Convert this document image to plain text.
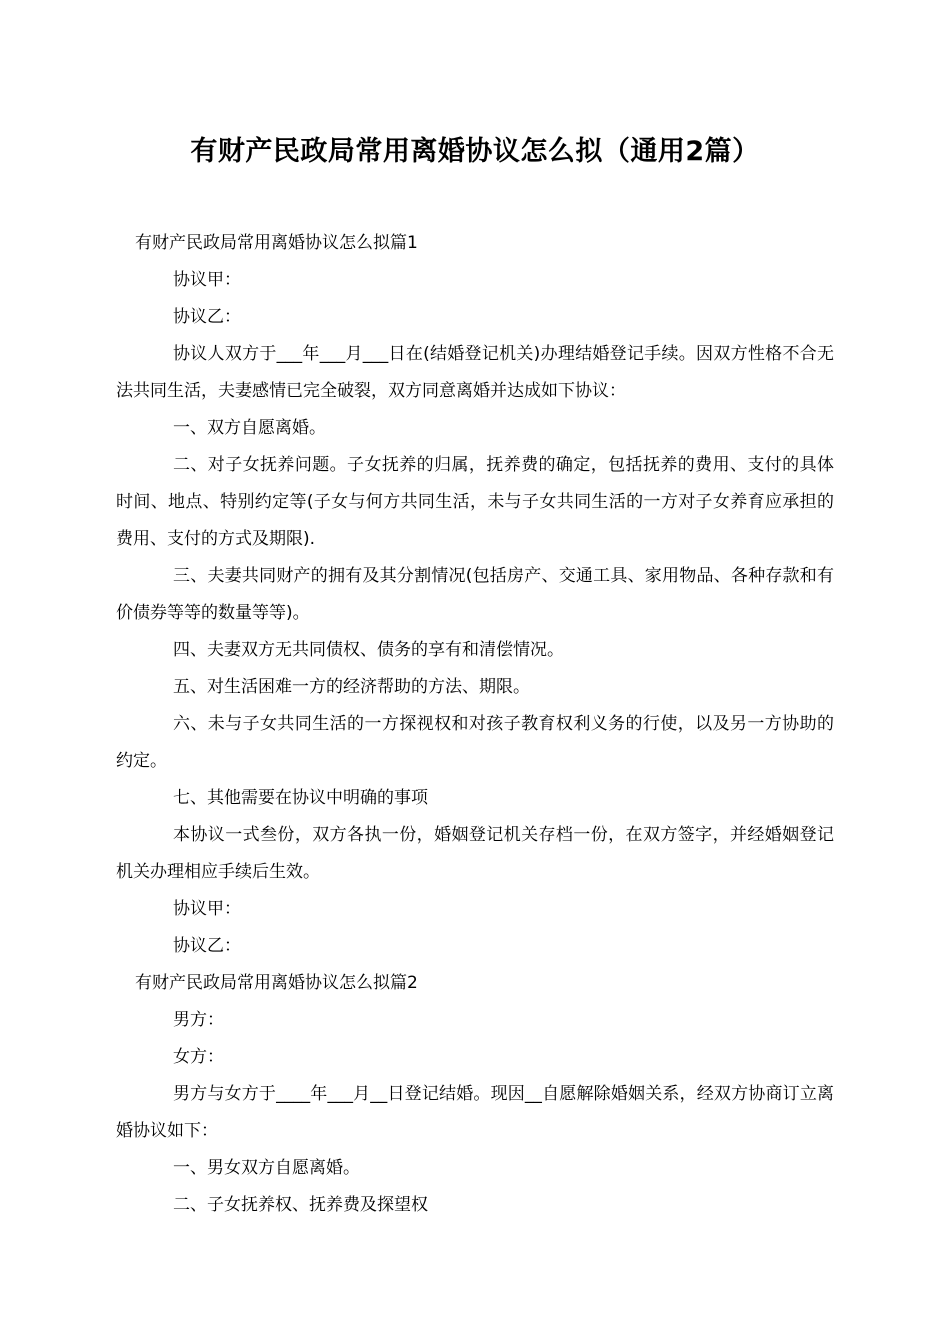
有财产民政局常用离婚协议怎么拟（通用2篇）

有财产民政局常用离婚协议怎么拟篇1

协议甲：

协议乙：

协议人双方于___年___月___日在(结婚登记机关)办理结婚登记手续。因双方性格不合无法共同生活，夫妻感情已完全破裂，双方同意离婚并达成如下协议：

一、双方自愿离婚。

二、对子女抚养问题。子女抚养的归属，抚养费的确定，包括抚养的费用、支付的具体时间、地点、特别约定等(子女与何方共同生活，未与子女共同生活的一方对子女养育应承担的费用、支付的方式及期限).

三、夫妻共同财产的拥有及其分割情况(包括房产、交通工具、家用物品、各种存款和有价债券等等的数量等等)。

四、夫妻双方无共同债权、债务的享有和清偿情况。

五、对生活困难一方的经济帮助的方法、期限。

六、未与子女共同生活的一方探视权和对孩子教育权利义务的行使，以及另一方协助的约定。

七、其他需要在协议中明确的事项

本协议一式叁份，双方各执一份，婚姻登记机关存档一份，在双方签字，并经婚姻登记机关办理相应手续后生效。

协议甲：

协议乙：

有财产民政局常用离婚协议怎么拟篇2

男方：

女方：

男方与女方于____年___月__日登记结婚。现因__自愿解除婚姻关系，经双方协商订立离婚协议如下：

一、男女双方自愿离婚。

二、子女抚养权、抚养费及探望权
